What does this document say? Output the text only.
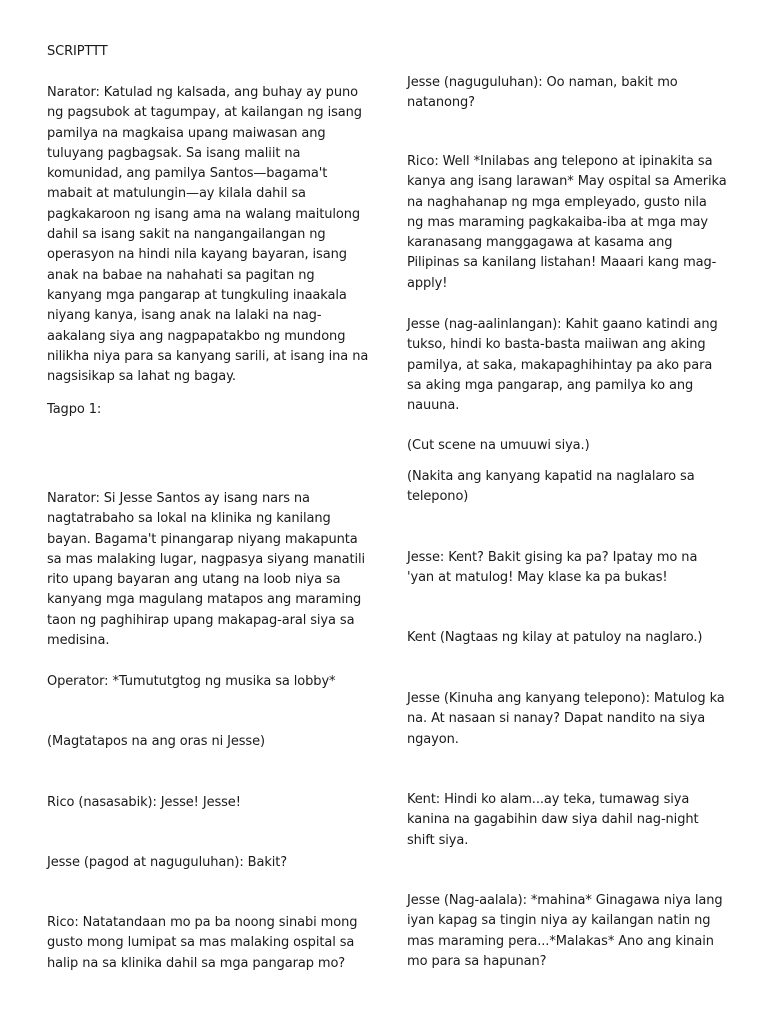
SCRIPTTT

Narator: Katulad ng kalsada, ang buhay ay puno ng pagsubok at tagumpay, at kailangan ng isang pamilya na magkaisa upang maiwasan ang tuluyang pagbagsak. Sa isang maliit na komunidad, ang pamilya Santos—bagama't mabait at matulungin—ay kilala dahil sa pagkakaroon ng isang ama na walang maitulong dahil sa isang sakit na nangangailangan ng operasyon na hindi nila kayang bayaran, isang anak na babae na nahahati sa pagitan ng kanyang mga pangarap at tungkuling inaakala niyang kanya, isang anak na lalaki na nag-aakalang siya ang nagpapatakbo ng mundong nilikha niya para sa kanyang sarili, at isang ina na nagsisikap sa lahat ng bagay.

Tagpo 1:

Narator: Si Jesse Santos ay isang nars na nagtatrabaho sa lokal na klinika ng kanilang bayan. Bagama't pinangarap niyang makapunta sa mas malaking lugar, nagpasya siyang manatili rito upang bayaran ang utang na loob niya sa kanyang mga magulang matapos ang maraming taon ng paghihirap upang makapag-aral siya sa medisina.

Operator: *Tumututgtog ng musika sa lobby*

(Magtatapos na ang oras ni Jesse)

Rico (nasasabik): Jesse! Jesse!

Jesse (pagod at naguguluhan): Bakit?

Rico: Natatandaan mo pa ba noong sinabi mong gusto mong lumipat sa mas malaking ospital sa halip na sa klinika dahil sa mga pangarap mo?

Jesse (naguguluhan): Oo naman, bakit mo natanong?

Rico: Well *Inilabas ang telepono at ipinakita sa kanya ang isang larawan* May ospital sa Amerika na naghahanap ng mga empleyado, gusto nila ng mas maraming pagkakaiba-iba at mga may karanasang manggagawa at kasama ang Pilipinas sa kanilang listahan! Maaari kang mag-apply!

Jesse (nag-aalinlangan): Kahit gaano katindi ang tukso, hindi ko basta-basta maiiwan ang aking pamilya, at saka, makapaghihintay pa ako para sa aking mga pangarap, ang pamilya ko ang nauuna.

(Cut scene na umuuwi siya.)

(Nakita ang kanyang kapatid na naglalaro sa telepono)

Jesse: Kent? Bakit gising ka pa? Ipatay mo na 'yan at matulog! May klase ka pa bukas!

Kent (Nagtaas ng kilay at patuloy na naglaro.)

Jesse (Kinuha ang kanyang telepono): Matulog ka na. At nasaan si nanay? Dapat nandito na siya ngayon.

Kent: Hindi ko alam...ay teka, tumawag siya kanina na gagabihin daw siya dahil nag-night shift siya.

Jesse (Nag-aalala): *mahina* Ginagawa niya lang iyan kapag sa tingin niya ay kailangan natin ng mas maraming pera...*Malakas* Ano ang kinain mo para sa hapunan?
